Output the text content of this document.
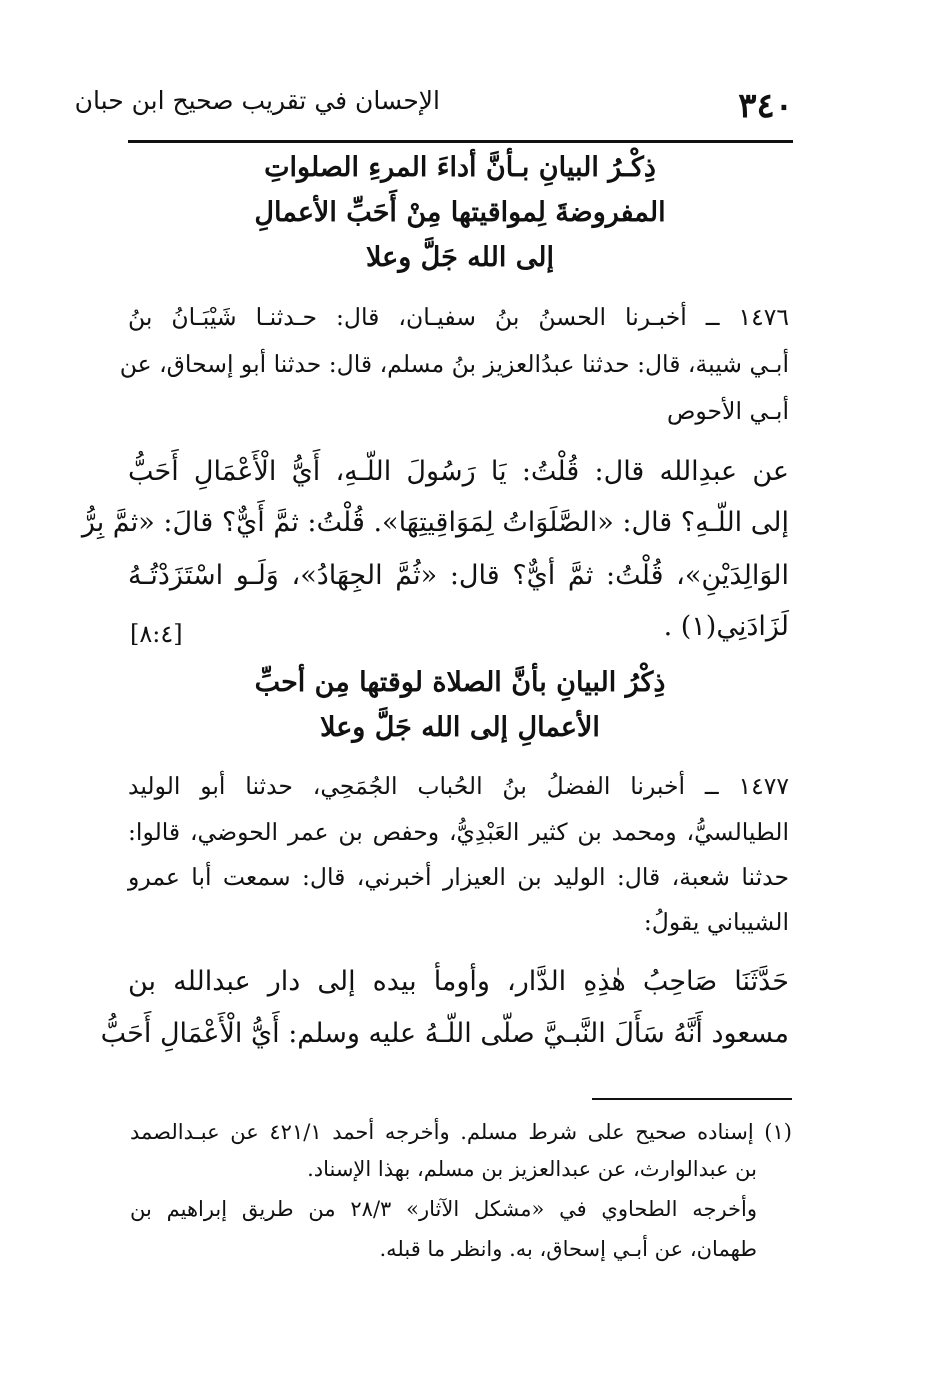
٣٤٠
الإحسان في تقريب صحيح ابن حبان
ذِكْـرُ البيانِ بـأنَّ أداءَ المرءِ الصلواتِ
المفروضةَ لِمواقيتها مِنْ أَحَبِّ الأعمالِ
إلى الله جَلَّ وعلا
١٤٧٦ ــ أخبـرنا الحسنُ بنُ سفيـان، قال: حـدثنـا شَيْبَـانُ بنُ
أبـي شيبة، قال: حدثنا عبدُالعزيز بنُ مسلم، قال: حدثنا أبو إسحاق، عن
أبـي الأحوص
عن عبدِالله قال: قُلْتُ: يَا رَسُولَ اللّـهِ، أَيُّ الْأَعْمَالِ أَحَبُّ
إلى اللّـهِ؟ قال: «الصَّلَوَاتُ لِمَوَاقِيتِهَا». قُلْتُ: ثمَّ أَيٌّ؟ قالَ: «ثمَّ بِرُّ
الوَالِدَيْنِ»، قُلْتُ: ثمَّ أيٌّ؟ قال: «ثُمَّ الجِهَادُ»، وَلَـو اسْتَزَدْتُـهُ
لَزَادَنِي(١) .
[٨:٤]
ذِكْرُ البيانِ بأنَّ الصلاة لوقتها مِن أحبِّ
الأعمالِ إلى الله جَلَّ وعلا
١٤٧٧ ــ أخبرنا الفضلُ بنُ الحُباب الجُمَحِي، حدثنا أبو الوليد
الطيالسيُّ، ومحمد بن كثير العَبْدِيُّ، وحفص بن عمر الحوضي، قالوا:
حدثنا شعبة، قال: الوليد بن العيزار أخبرني، قال: سمعت أبا عمرو
الشيباني يقولُ:
حَدَّثَنَا صَاحِبُ هٰذِهِ الدَّار، وأومأ بيده إلى دار عبدالله بن
مسعود أَنَّهُ سَأَلَ النَّبـيَّ صلّى اللّـهُ عليه وسلم: أَيُّ الْأَعْمَالِ أَحَبُّ
(١) إسناده صحيح على شرط مسلم. وأخرجه أحمد ٤٢١/١ عن عبـدالصمد
بن عبدالوارث، عن عبدالعزيز بن مسلم، بهذا الإسناد.
وأخرجه الطحاوي في «مشكل الآثار» ٢٨/٣ من طريق إبراهيم بن
طهمان، عن أبـي إسحاق، به. وانظر ما قبله.
